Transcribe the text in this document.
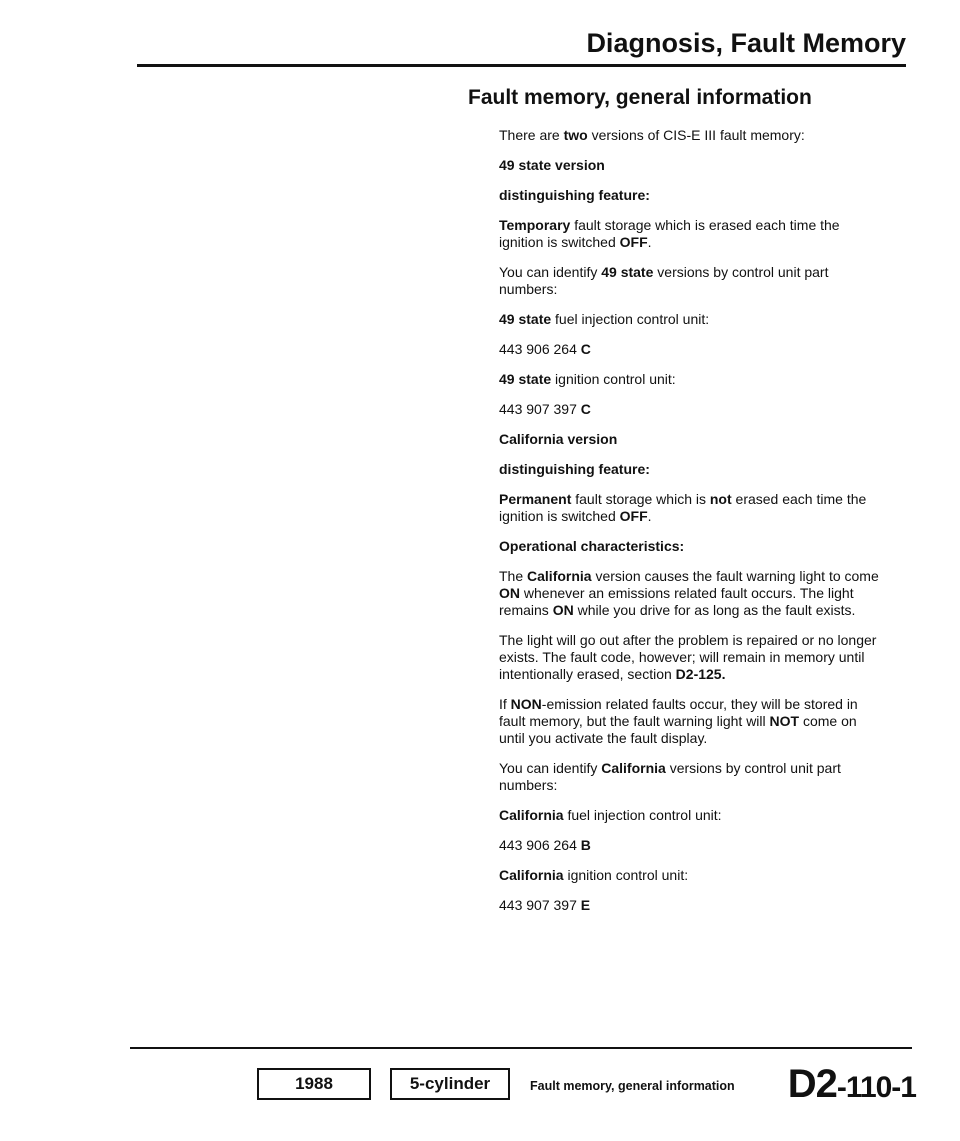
Diagnosis, Fault Memory
Fault memory, general information

There are two versions of CIS-E III fault memory:

49 state version

distinguishing feature:

Temporary fault storage which is erased each time the ignition is switched OFF.

You can identify 49 state versions by control unit part numbers:

49 state fuel injection control unit:

443 906 264 C

49 state ignition control unit:

443 907 397 C

California version

distinguishing feature:

Permanent fault storage which is not erased each time the ignition is switched OFF.

Operational characteristics:

The California version causes the fault warning light to come ON whenever an emissions related fault occurs. The light remains ON while you drive for as long as the fault exists.

The light will go out after the problem is repaired or no longer exists. The fault code, however; will remain in memory until intentionally erased, section D2-125.

If NON-emission related faults occur, they will be stored in fault memory, but the fault warning light will NOT come on until you activate the fault display.

You can identify California versions by control unit part numbers:

California fuel injection control unit:

443 906 264 B

California ignition control unit:

443 907 397 E

1988	5-cylinder	Fault memory, general information D2-110-1
